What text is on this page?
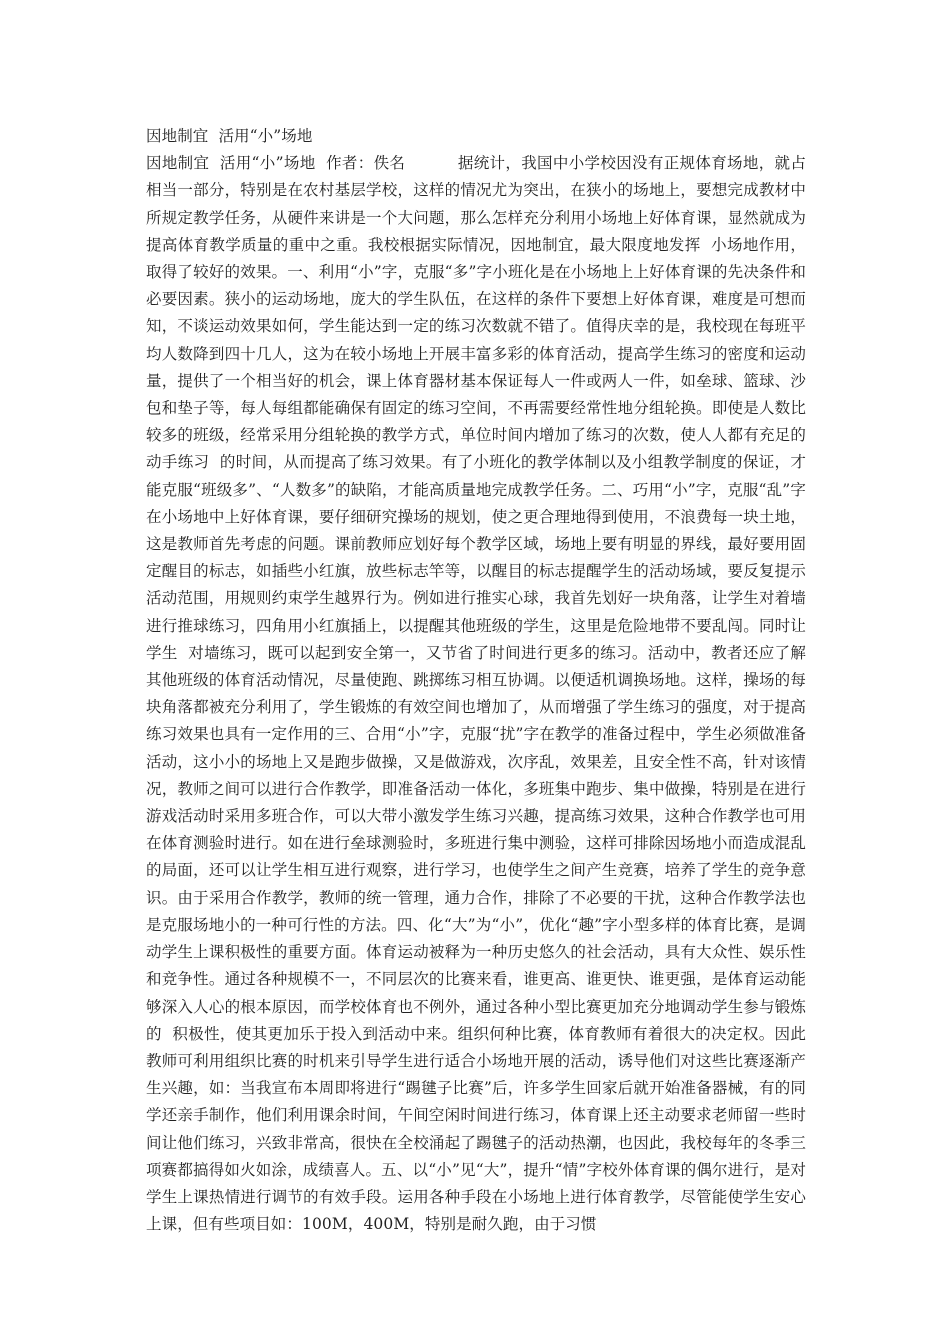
因地制宜  活用“小”场地

因地制宜  活用“小”场地  作者：佚名          据统计，我国中小学校因没有正规体育场地，就占相当一部分，特别是在农村基层学校，这样的情况尤为突出，在狭小的场地上，要想完成教材中所规定教学任务，从硬件来讲是一个大问题，那么怎样充分利用小场地上好体育课，显然就成为提高体育教学质量的重中之重。我校根据实际情况，因地制宜，最大限度地发挥  小场地作用，取得了较好的效果。一、利用“小”字，克服“多”字小班化是在小场地上上好体育课的先决条件和必要因素。狭小的运动场地，庞大的学生队伍，在这样的条件下要想上好体育课，难度是可想而知，不谈运动效果如何，学生能达到一定的练习次数就不错了。值得庆幸的是，我校现在每班平均人数降到四十几人，这为在较小场地上开展丰富多彩的体育活动，提高学生练习的密度和运动量，提供了一个相当好的机会，课上体育器材基本保证每人一件或两人一件，如垒球、篮球、沙包和垫子等，每人每组都能确保有固定的练习空间，不再需要经常性地分组轮换。即使是人数比较多的班级，经常采用分组轮换的教学方式，单位时间内增加了练习的次数，使人人都有充足的动手练习  的时间，从而提高了练习效果。有了小班化的教学体制以及小组教学制度的保证，才能克服“班级多”、“人数多”的缺陷，才能高质量地完成教学任务。二、巧用“小”字，克服“乱”字在小场地中上好体育课，要仔细研究操场的规划，使之更合理地得到使用，不浪费每一块土地，这是教师首先考虑的问题。课前教师应划好每个教学区域，场地上要有明显的界线，最好要用固定醒目的标志，如插些小红旗，放些标志竿等，以醒目的标志提醒学生的活动场域，要反复提示活动范围，用规则约束学生越界行为。例如进行推实心球，我首先划好一块角落，让学生对着墙进行推球练习，四角用小红旗插上，以提醒其他班级的学生，这里是危险地带不要乱闯。同时让学生  对墙练习，既可以起到安全第一，又节省了时间进行更多的练习。活动中，教者还应了解其他班级的体育活动情况，尽量使跑、跳掷练习相互协调。以便适机调换场地。这样，操场的每块角落都被充分利用了，学生锻炼的有效空间也增加了，从而增强了学生练习的强度，对于提高练习效果也具有一定作用的三、合用“小”字，克服“扰”字在教学的准备过程中，学生必须做准备活动，这小小的场地上又是跑步做操，又是做游戏，次序乱，效果差，且安全性不高，针对该情况，教师之间可以进行合作教学，即准备活动一体化，多班集中跑步、集中做操，特别是在进行游戏活动时采用多班合作，可以大带小激发学生练习兴趣，提高练习效果，这种合作教学也可用在体育测验时进行。如在进行垒球测验时，多班进行集中测验，这样可排除因场地小而造成混乱的局面，还可以让学生相互进行观察，进行学习，也使学生之间产生竞赛，培养了学生的竞争意识。由于采用合作教学，教师的统一管理，通力合作，排除了不必要的干扰，这种合作教学法也是克服场地小的一种可行性的方法。四、化“大”为“小”，优化“趣”字小型多样的体育比赛，是调动学生上课积极性的重要方面。体育运动被释为一种历史悠久的社会活动，具有大众性、娱乐性和竞争性。通过各种规模不一，不同层次的比赛来看，谁更高、谁更快、谁更强，是体育运动能够深入人心的根本原因，而学校体育也不例外，通过各种小型比赛更加充分地调动学生参与锻炼的  积极性，使其更加乐于投入到活动中来。组织何种比赛，体育教师有着很大的决定权。因此教师可利用组织比赛的时机来引导学生进行适合小场地开展的活动，诱导他们对这些比赛逐渐产生兴趣，如：当我宣布本周即将进行“踢毽子比赛”后，许多学生回家后就开始准备器械，有的同学还亲手制作，他们利用课余时间，午间空闲时间进行练习，体育课上还主动要求老师留一些时间让他们练习，兴致非常高，很快在全校涌起了踢毽子的活动热潮，也因此，我校每年的冬季三项赛都搞得如火如涂，成绩喜人。五、以“小”见“大”，提升“情”字校外体育课的偶尔进行，是对学生上课热情进行调节的有效手段。运用各种手段在小场地上进行体育教学，尽管能使学生安心上课，但有些项目如：100M，400M，特别是耐久跑，由于习惯
